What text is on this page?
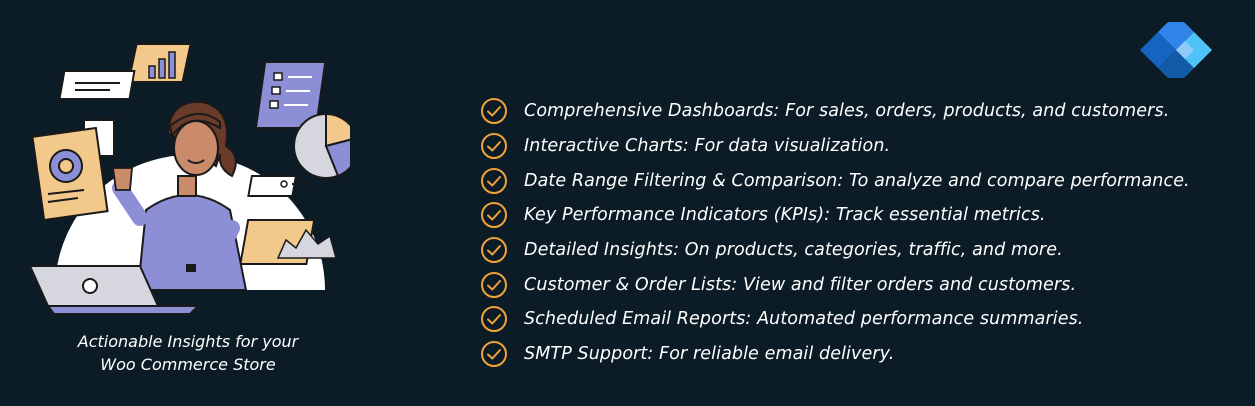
Actionable Insights for your
Woo Commerce Store
Comprehensive Dashboards: For sales, orders, products, and customers.
Interactive Charts: For data visualization.
Date Range Filtering & Comparison: To analyze and compare performance.
Key Performance Indicators (KPIs): Track essential metrics.
Detailed Insights: On products, categories, traffic, and more.
Customer & Order Lists: View and filter orders and customers.
Scheduled Email Reports: Automated performance summaries.
SMTP Support: For reliable email delivery.
